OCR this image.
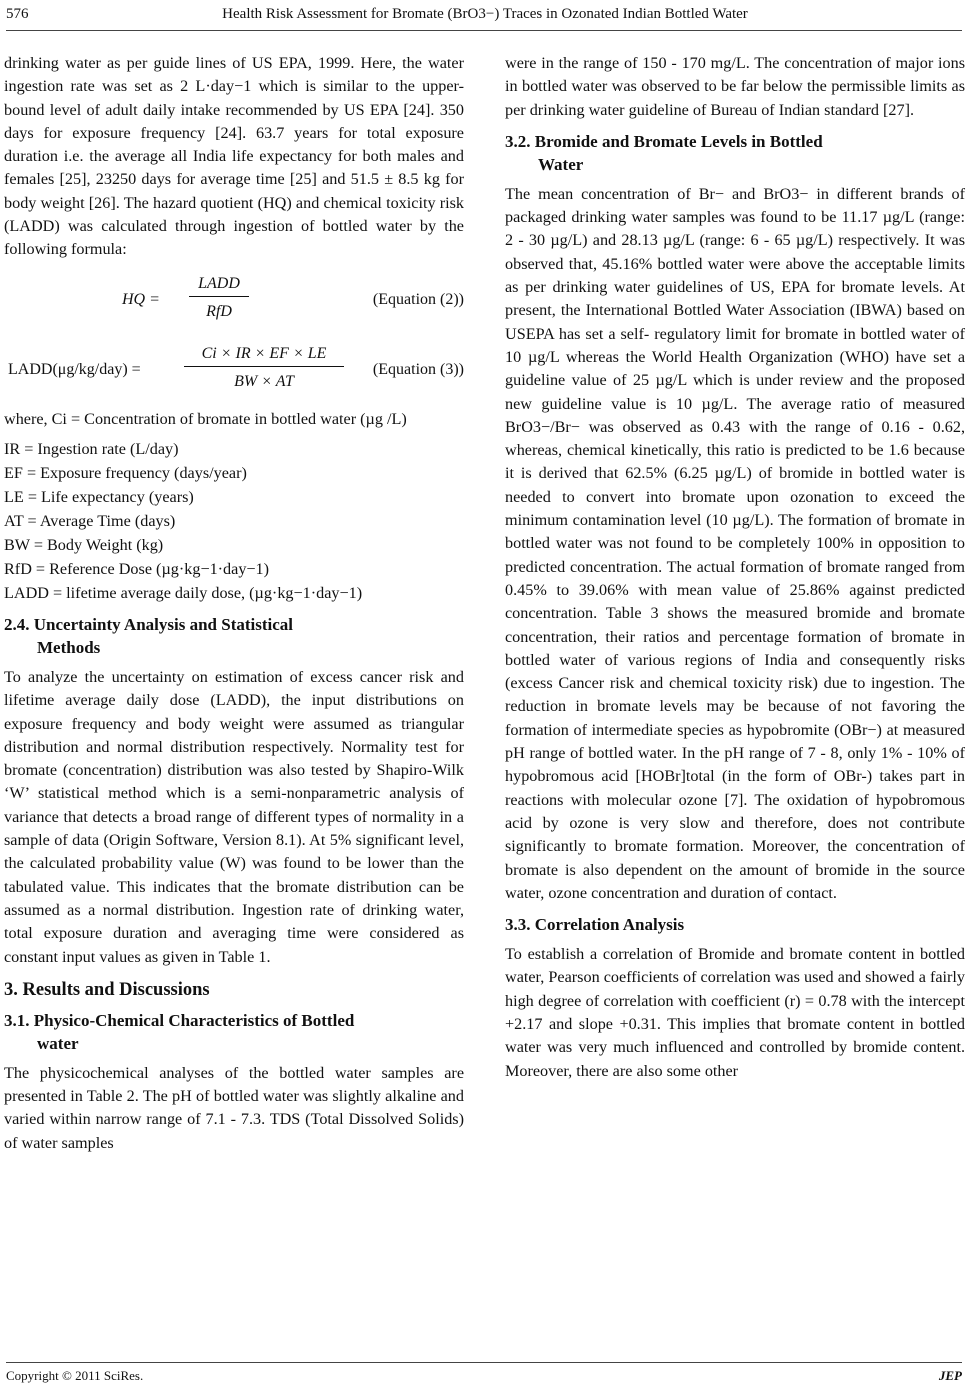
576	Health Risk Assessment for Bromate (BrO3−) Traces in Ozonated Indian Bottled Water

drinking water as per guide lines of US EPA, 1999. Here, the water ingestion rate was set as 2 L·day−1 which is similar to the upper-bound level of adult daily intake recommended by US EPA [24]. 350 days for exposure frequency [24]. 63.7 years for total exposure duration i.e. the average all India life expectancy for both males and females [25], 23250 days for average time [25] and 51.5 ± 8.5 kg for body weight [26]. The hazard quotient (HQ) and chemical toxicity risk (LADD) was calculated through ingestion of bottled water by the following formula:

HQ =
LADD
RfD
(Equation (2))
LADD(μg/kg/day) =
Ci × IR × EF × LE
BW × AT
(Equation (3))

where, Ci = Concentration of bromate in bottled water (µg /L)

IR = Ingestion rate (L/day)

EF = Exposure frequency (days/year)

LE = Life expectancy (years)

AT = Average Time (days)

BW = Body Weight (kg)

RfD = Reference Dose (µg·kg−1·day−1)

LADD = lifetime average daily dose, (µg·kg−1·day−1)

2.4. Uncertainty Analysis and Statistical
Methods

To analyze the uncertainty on estimation of excess cancer risk and lifetime average daily dose (LADD), the input distributions on exposure frequency and body weight were assumed as triangular distribution and normal distribution respectively. Normality test for bromate (concentration) distribution was also tested by Shapiro-Wilk ‘W’ statistical method which is a semi-nonparametric analysis of variance that detects a broad range of different types of normality in a sample of data (Origin Software, Version 8.1). At 5% significant level, the calculated probability value (W) was found to be lower than the tabulated value. This indicates that the bromate distribution can be assumed as a normal distribution. Ingestion rate of drinking water, total exposure duration and averaging time were considered as constant input values as given in Table 1.

3. Results and Discussions
3.1. Physico-Chemical Characteristics of Bottled
water

The physicochemical analyses of the bottled water samples are presented in Table 2. The pH of bottled water was slightly alkaline and varied within narrow range of 7.1 - 7.3. TDS (Total Dissolved Solids) of water samples

were in the range of 150 - 170 mg/L. The concentration of major ions in bottled water was observed to be far below the permissible limits as per drinking water guideline of Bureau of Indian standard [27].

3.2. Bromide and Bromate Levels in Bottled
Water

The mean concentration of Br− and BrO3− in different brands of packaged drinking water samples was found to be 11.17 µg/L (range: 2 - 30 µg/L) and 28.13 µg/L (range: 6 - 65 µg/L) respectively. It was observed that, 45.16% bottled water were above the acceptable limits as per drinking water guidelines of US, EPA for bromate levels. At present, the International Bottled Water Association (IBWA) based on USEPA has set a self- regulatory limit for bromate in bottled water of 10 µg/L whereas the World Health Organization (WHO) have set a guideline value of 25 µg/L which is under review and the proposed new guideline value is 10 µg/L. The average ratio of measured BrO3−/Br− was observed as 0.43 with the range of 0.16 - 0.62, whereas, chemical kinetically, this ratio is predicted to be 1.6 because it is derived that 62.5% (6.25 µg/L) of bromide in bottled water is needed to convert into bromate upon ozonation to exceed the minimum contamination level (10 µg/L). The formation of bromate in bottled water was not found to be completely 100% in opposition to predicted concentration. The actual formation of bromate ranged from 0.45% to 39.06% with mean value of 25.86% against predicted concentration. Table 3 shows the measured bromide and bromate concentration, their ratios and percentage formation of bromate in bottled water of various regions of India and consequently risks (excess Cancer risk and chemical toxicity risk) due to ingestion. The reduction in bromate levels may be because of not favoring the formation of intermediate species as hypobromite (OBr−) at measured pH range of bottled water. In the pH range of 7 - 8, only 1% - 10% of hypobromous acid [HOBr]total (in the form of OBr-) takes part in reactions with molecular ozone [7]. The oxidation of hypobromous acid by ozone is very slow and therefore, does not contribute significantly to bromate formation. Moreover, the concentration of bromate is also dependent on the amount of bromide in the source water, ozone concentration and duration of contact.

3.3. Correlation Analysis

To establish a correlation of Bromide and bromate content in bottled water, Pearson coefficients of correlation was used and showed a fairly high degree of correlation with coefficient (r) = 0.78 with the intercept +2.17 and slope +0.31. This implies that bromate content in bottled water was very much influenced and controlled by bromide content. Moreover, there are also some other

Copyright © 2011 SciRes.	JEP
